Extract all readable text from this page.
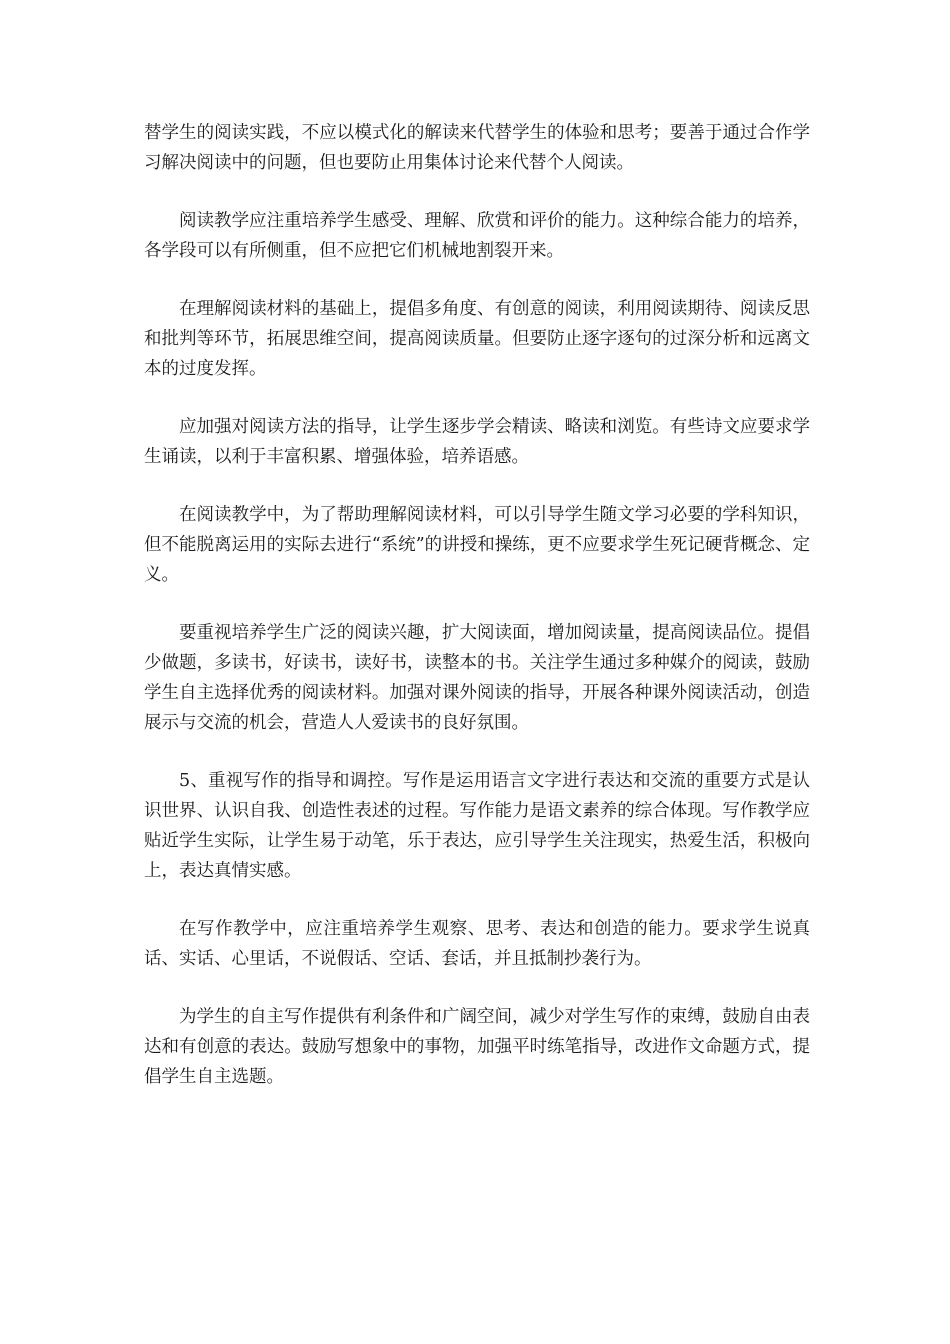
替学生的阅读实践，不应以模式化的解读来代替学生的体验和思考；要善于通过合作学习解决阅读中的问题，但也要防止用集体讨论来代替个人阅读。

阅读教学应注重培养学生感受、理解、欣赏和评价的能力。这种综合能力的培养，各学段可以有所侧重，但不应把它们机械地割裂开来。

在理解阅读材料的基础上，提倡多角度、有创意的阅读，利用阅读期待、阅读反思和批判等环节，拓展思维空间，提高阅读质量。但要防止逐字逐句的过深分析和远离文本的过度发挥。

应加强对阅读方法的指导，让学生逐步学会精读、略读和浏览。有些诗文应要求学生诵读，以利于丰富积累、增强体验，培养语感。

在阅读教学中，为了帮助理解阅读材料，可以引导学生随文学习必要的学科知识，但不能脱离运用的实际去进行“系统”的讲授和操练，更不应要求学生死记硬背概念、定义。

要重视培养学生广泛的阅读兴趣，扩大阅读面，增加阅读量，提高阅读品位。提倡少做题，多读书，好读书，读好书，读整本的书。关注学生通过多种媒介的阅读，鼓励学生自主选择优秀的阅读材料。加强对课外阅读的指导，开展各种课外阅读活动，创造展示与交流的机会，营造人人爱读书的良好氛围。

5、重视写作的指导和调控。写作是运用语言文字进行表达和交流的重要方式是认识世界、认识自我、创造性表述的过程。写作能力是语文素养的综合体现。写作教学应贴近学生实际，让学生易于动笔，乐于表达，应引导学生关注现实，热爱生活，积极向上，表达真情实感。

在写作教学中，应注重培养学生观察、思考、表达和创造的能力。要求学生说真话、实话、心里话，不说假话、空话、套话，并且抵制抄袭行为。

为学生的自主写作提供有利条件和广阔空间，减少对学生写作的束缚，鼓励自由表达和有创意的表达。鼓励写想象中的事物，加强平时练笔指导，改进作文命题方式，提倡学生自主选题。
